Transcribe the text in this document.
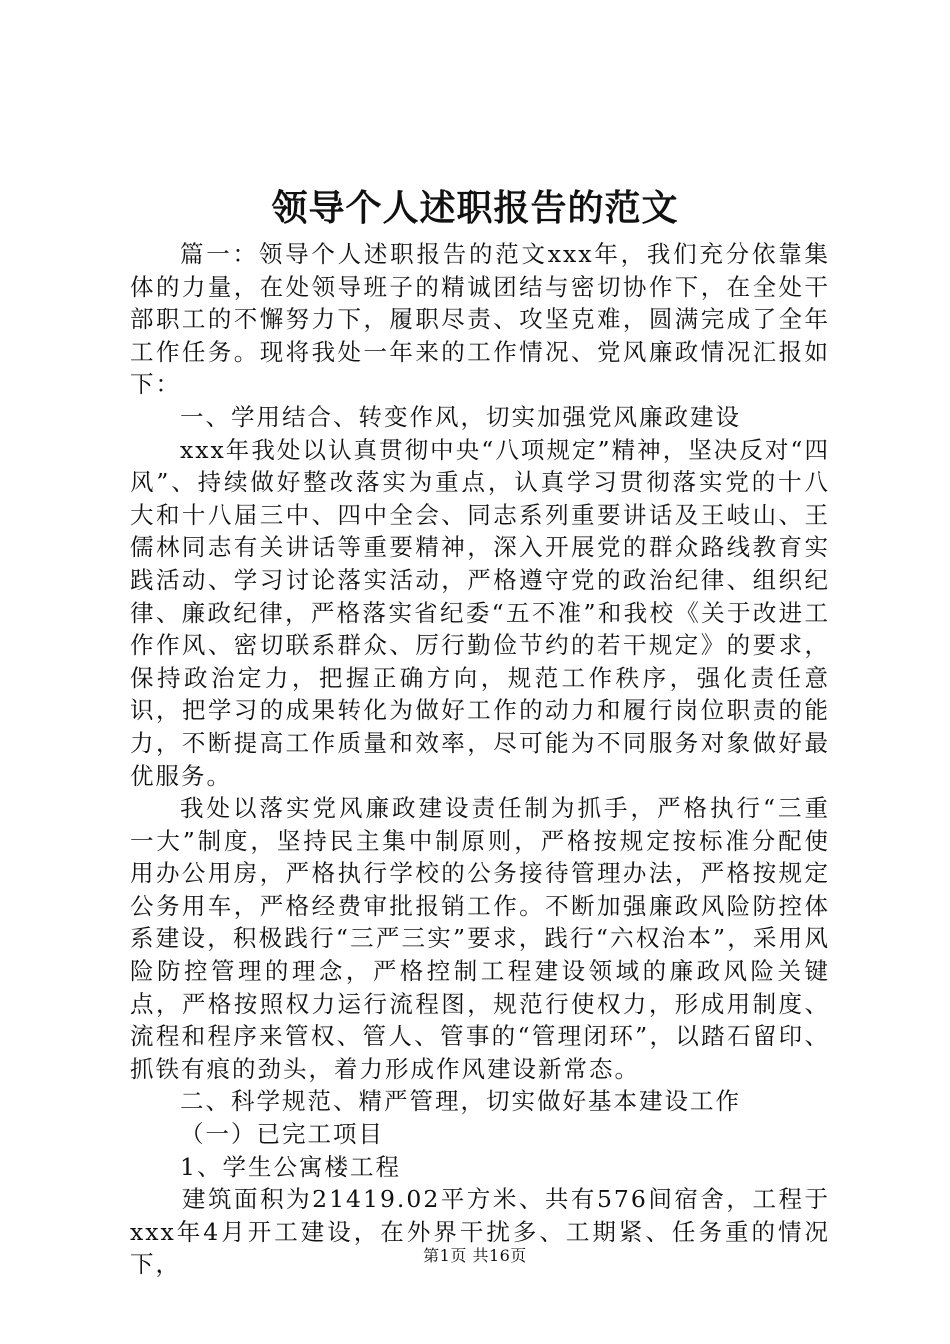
领导个人述职报告的范文

篇一：领导个人述职报告的范文xxx年，我们充分依靠集体的力量，在处领导班子的精诚团结与密切协作下，在全处干部职工的不懈努力下，履职尽责、攻坚克难，圆满完成了全年工作任务。现将我处一年来的工作情况、党风廉政情况汇报如下：

一、学用结合、转变作风，切实加强党风廉政建设

xxx年我处以认真贯彻中央“八项规定”精神，坚决反对“四风”、持续做好整改落实为重点，认真学习贯彻落实党的十八大和十八届三中、四中全会、同志系列重要讲话及王岐山、王儒林同志有关讲话等重要精神，深入开展党的群众路线教育实践活动、学习讨论落实活动，严格遵守党的政治纪律、组织纪律、廉政纪律，严格落实省纪委“五不准”和我校《关于改进工作作风、密切联系群众、厉行勤俭节约的若干规定》的要求，保持政治定力，把握正确方向，规范工作秩序，强化责任意识，把学习的成果转化为做好工作的动力和履行岗位职责的能力，不断提高工作质量和效率，尽可能为不同服务对象做好最优服务。

我处以落实党风廉政建设责任制为抓手，严格执行“三重一大”制度，坚持民主集中制原则，严格按规定按标准分配使用办公用房，严格执行学校的公务接待管理办法，严格按规定公务用车，严格经费审批报销工作。不断加强廉政风险防控体系建设，积极践行“三严三实”要求，践行“六权治本”，采用风险防控管理的理念，严格控制工程建设领域的廉政风险关键点，严格按照权力运行流程图，规范行使权力，形成用制度、流程和程序来管权、管人、管事的“管理闭环”，以踏石留印、抓铁有痕的劲头，着力形成作风建设新常态。

二、科学规范、精严管理，切实做好基本建设工作

（一）已完工项目

1、学生公寓楼工程

建筑面积为21419.02平方米、共有576间宿舍，工程于xxx年4月开工建设，在外界干扰多、工期紧、任务重的情况下，	第1页 共16页
